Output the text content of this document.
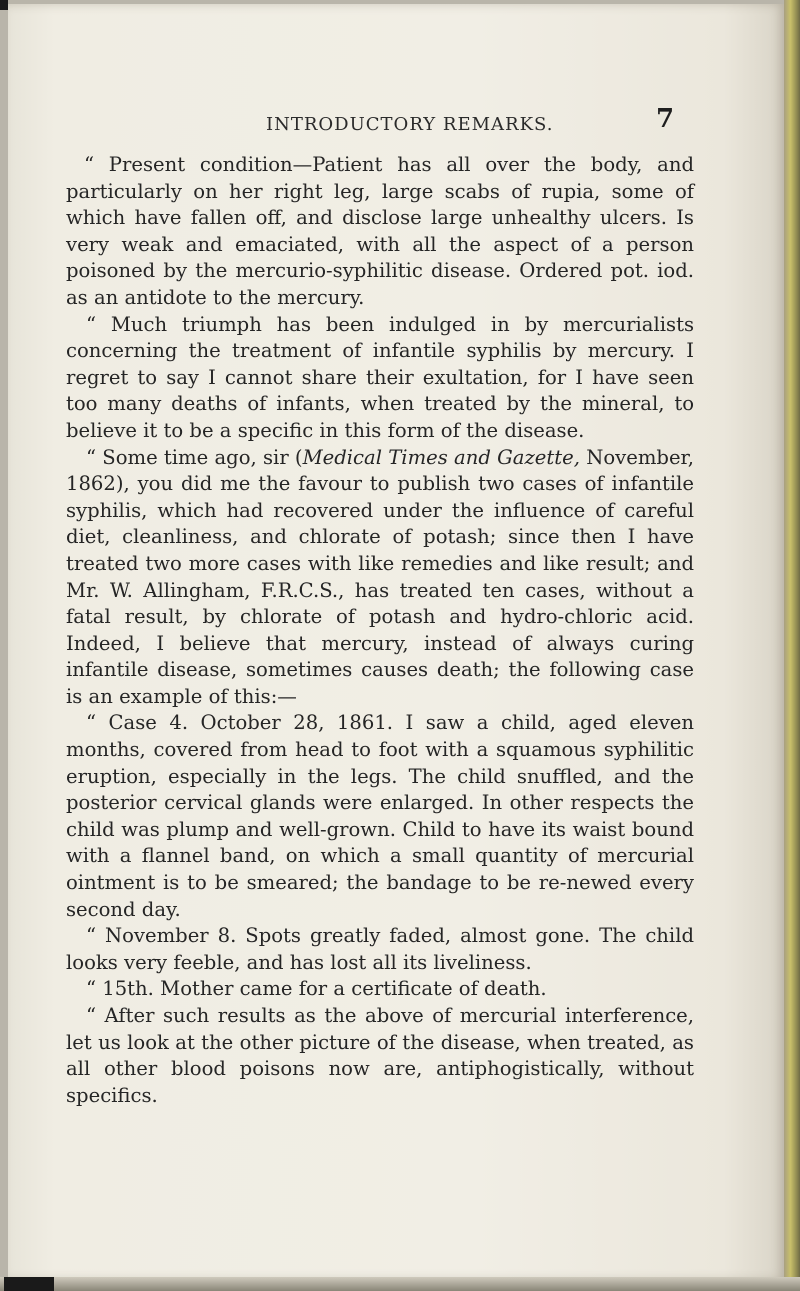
INTRODUCTORY REMARKS.	7

“ Present condition—Patient has all over the body, and particularly on her right leg, large scabs of rupia, some of which have fallen off, and disclose large unhealthy ulcers. Is very weak and emaciated, with all the aspect of a person poisoned by the mercurio-syphilitic disease. Ordered pot. iod. as an antidote to the mercury.

“ Much triumph has been indulged in by mercurialists concerning the treatment of infantile syphilis by mercury. I regret to say I cannot share their exultation, for I have seen too many deaths of infants, when treated by the mineral, to believe it to be a specific in this form of the disease.

“ Some time ago, sir (Medical Times and Gazette, November, 1862), you did me the favour to publish two cases of infantile syphilis, which had recovered under the influence of careful diet, cleanliness, and chlorate of potash; since then I have treated two more cases with like remedies and like result; and Mr. W. Allingham, F.R.C.S., has treated ten cases, without a fatal result, by chlorate of potash and hydro-chloric acid. Indeed, I believe that mercury, instead of always curing infantile disease, sometimes causes death; the following case is an example of this:—

“ Case 4. October 28, 1861. I saw a child, aged eleven months, covered from head to foot with a squamous syphilitic eruption, especially in the legs. The child snuffled, and the posterior cervical glands were enlarged. In other respects the child was plump and well-grown. Child to have its waist bound with a flannel band, on which a small quantity of mercurial ointment is to be smeared; the bandage to be re-newed every second day.

“ November 8. Spots greatly faded, almost gone. The child looks very feeble, and has lost all its liveliness.

“ 15th. Mother came for a certificate of death.

“ After such results as the above of mercurial interference, let us look at the other picture of the disease, when treated, as all other blood poisons now are, antiphogistically, without specifics.
